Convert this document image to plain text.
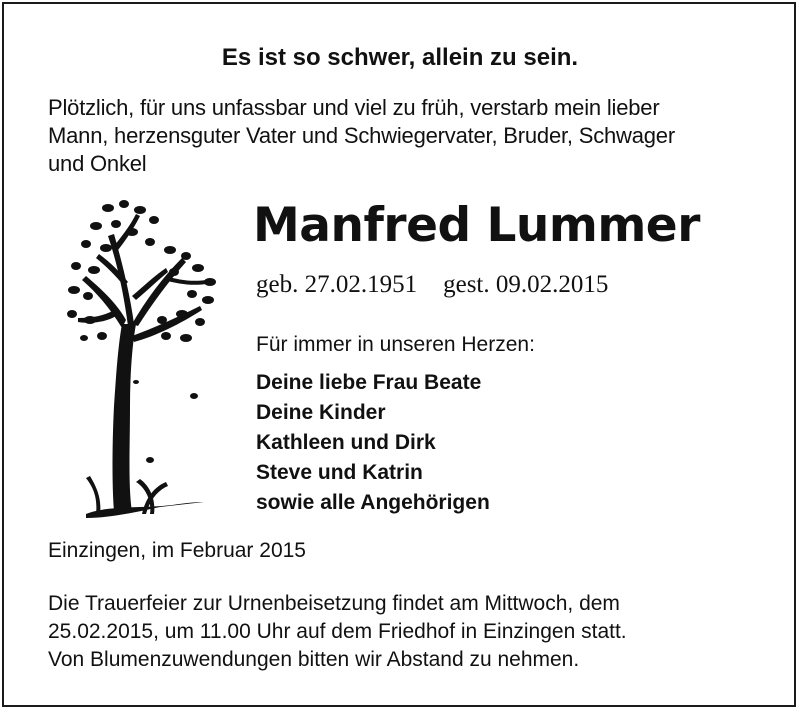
Es ist so schwer, allein zu sein.
Plötzlich, für uns unfassbar und viel zu früh, verstarb mein lieber
Mann, herzensguter Vater und Schwiegervater, Bruder, Schwager
und Onkel
Manfred Lummer
geb. 27.02.1951 gest. 09.02.2015
Für immer in unseren Herzen:
Deine liebe Frau Beate
Deine Kinder
Kathleen und Dirk
Steve und Katrin
sowie alle Angehörigen
Einzingen, im Februar 2015
Die Trauerfeier zur Urnenbeisetzung findet am Mittwoch, dem
25.02.2015, um 11.00 Uhr auf dem Friedhof in Einzingen statt.
Von Blumenzuwendungen bitten wir Abstand zu nehmen.
